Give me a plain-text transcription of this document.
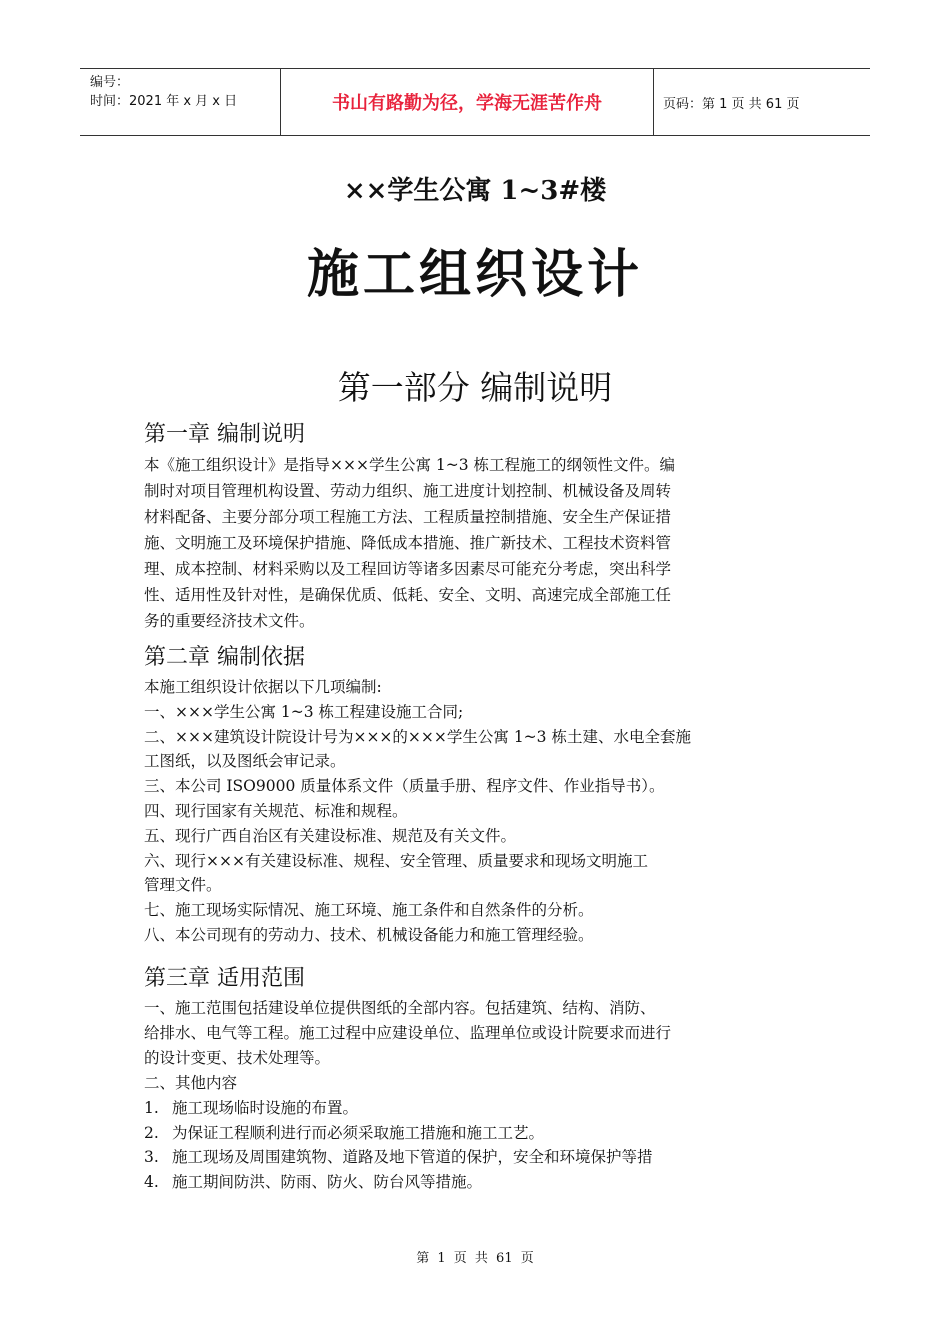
编号：
时间：2021 年 x 月 x 日	书山有路勤为径，学海无涯苦作舟	页码：第 1 页 共 61 页
××学生公寓 1~3#楼
施工组织设计
第一部分 编制说明
第一章 编制说明
本《施工组织设计》是指导×××学生公寓 1~3 栋工程施工的纲领性文件。编
制时对项目管理机构设置、劳动力组织、施工进度计划控制、机械设备及周转
材料配备、主要分部分项工程施工方法、工程质量控制措施、安全生产保证措
施、文明施工及环境保护措施、降低成本措施、推广新技术、工程技术资料管
理、成本控制、材料采购以及工程回访等诸多因素尽可能充分考虑，突出科学
性、适用性及针对性，是确保优质、低耗、安全、文明、高速完成全部施工任
务的重要经济技术文件。
第二章 编制依据
本施工组织设计依据以下几项编制:
一、×××学生公寓 1~3 栋工程建设施工合同;
二、×××建筑设计院设计号为×××的×××学生公寓 1~3 栋土建、水电全套施
工图纸，以及图纸会审记录。
三、本公司 ISO9000 质量体系文件（质量手册、程序文件、作业指导书）。
四、现行国家有关规范、标准和规程。
五、现行广西自治区有关建设标准、规范及有关文件。
六、现行×××有关建设标准、规程、安全管理、质量要求和现场文明施工
管理文件。
七、施工现场实际情况、施工环境、施工条件和自然条件的分析。
八、本公司现有的劳动力、技术、机械设备能力和施工管理经验。
第三章 适用范围
一、施工范围包括建设单位提供图纸的全部内容。包括建筑、结构、消防、
给排水、电气等工程。施工过程中应建设单位、监理单位或设计院要求而进行
的设计变更、技术处理等。
二、其他内容
1. 施工现场临时设施的布置。
2. 为保证工程顺利进行而必须采取施工措施和施工工艺。
3. 施工现场及周围建筑物、道路及地下管道的保护，安全和环境保护等措
4. 施工期间防洪、防雨、防火、防台风等措施。
第 1 页 共 61 页
